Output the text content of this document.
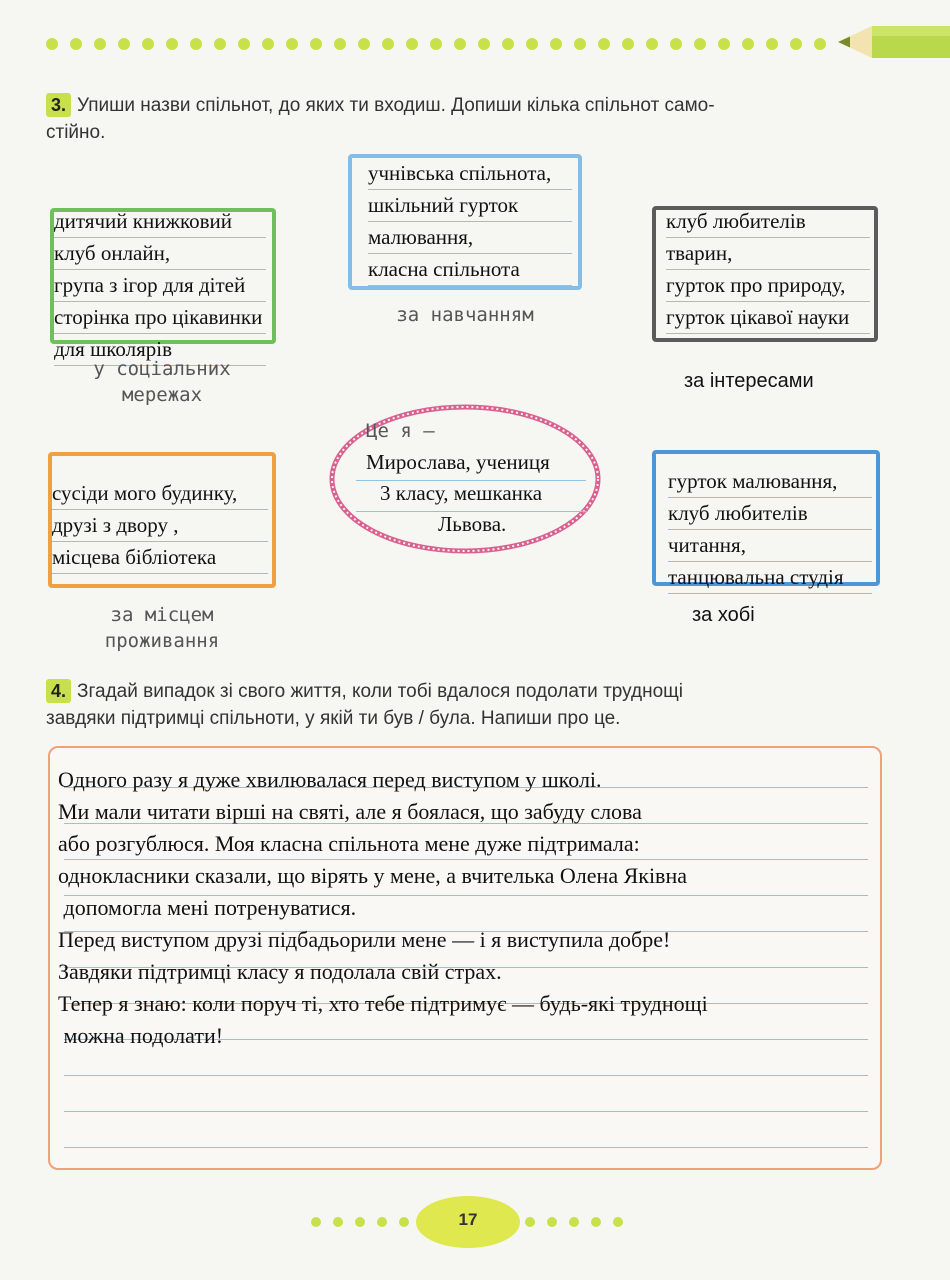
3. Упиши назви спільнот, до яких ти входиш. Допиши кілька спільнот само-
стійно.
дитячий книжковий
клуб онлайн,
група з ігор для дітей
сторінка про цікавинки
для школярів
у соціальних
мережах
учнівська спільнота,
шкільний гурток
малювання,
класна спільнота
за навчанням
клуб любителів
тварин,
гурток про природу,
гурток цікавої науки
за інтересами
Це я –
Мирослава, учениця
3 класу, мешканка
Львова.
сусіди мого будинку,
друзі з двору ,
місцева бібліотека
за місцем
проживання
гурток малювання,
клуб любителів
читання,
танцювальна студія
за хобі
4. Згадай випадок зі свого життя, коли тобі вдалося подолати труднощі
завдяки підтримці спільноти, у якій ти був / була. Напиши про це.
Одного разу я дуже хвилювалася перед виступом у школі.
Ми мали читати вірші на святі, але я боялася, що забуду слова
або розгублюся. Моя класна спільнота мене дуже підтримала:
однокласники сказали, що вірять у мене, а вчителька Олена Яківна
допомогла мені потренуватися.
Перед виступом друзі підбадьорили мене — і я виступила добре!
Завдяки підтримці класу я подолала свій страх.
Тепер я знаю: коли поруч ті, хто тебе підтримує — будь-які труднощі
можна подолати!
17
